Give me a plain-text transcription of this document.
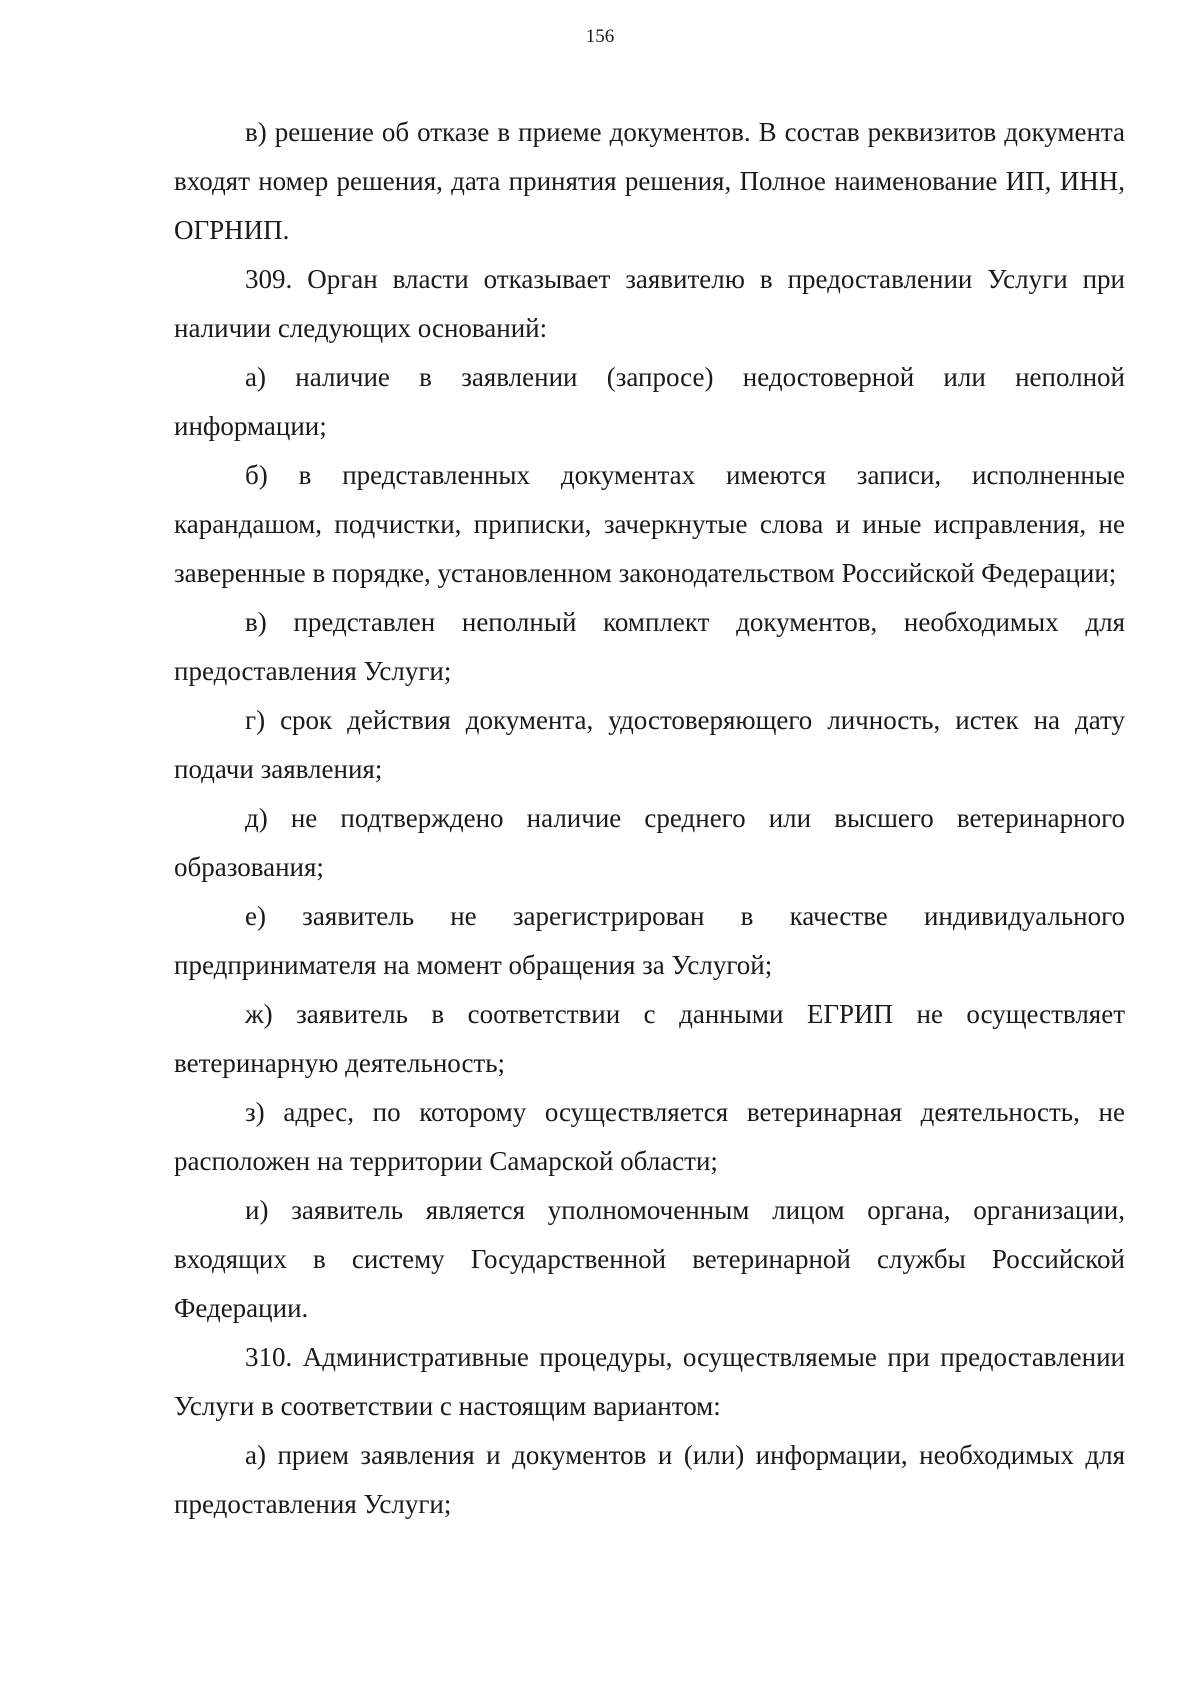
156

в) решение об отказе в приеме документов. В состав реквизитов документа входят номер решения, дата принятия решения, Полное наименование ИП, ИНН, ОГРНИП.

309. Орган власти отказывает заявителю в предоставлении Услуги при наличии следующих оснований:

а) наличие в заявлении (запросе) недостоверной или неполной информации;

б) в представленных документах имеются записи, исполненные карандашом, подчистки, приписки, зачеркнутые слова и иные исправления, не заверенные в порядке, установленном законодательством Российской Федерации;

в) представлен неполный комплект документов, необходимых для предоставления Услуги;

г) срок действия документа, удостоверяющего личность, истек на дату подачи заявления;

д) не подтверждено наличие среднего или высшего ветеринарного образования;

е) заявитель не зарегистрирован в качестве индивидуального предпринимателя на момент обращения за Услугой;

ж) заявитель в соответствии с данными ЕГРИП не осуществляет ветеринарную деятельность;

з) адрес, по которому осуществляется ветеринарная деятельность, не расположен на территории Самарской области;

и) заявитель является уполномоченным лицом органа, организации, входящих в систему Государственной ветеринарной службы Российской Федерации.

310. Административные процедуры, осуществляемые при предоставлении Услуги в соответствии с настоящим вариантом:

а) прием заявления и документов и (или) информации, необходимых для предоставления Услуги;
